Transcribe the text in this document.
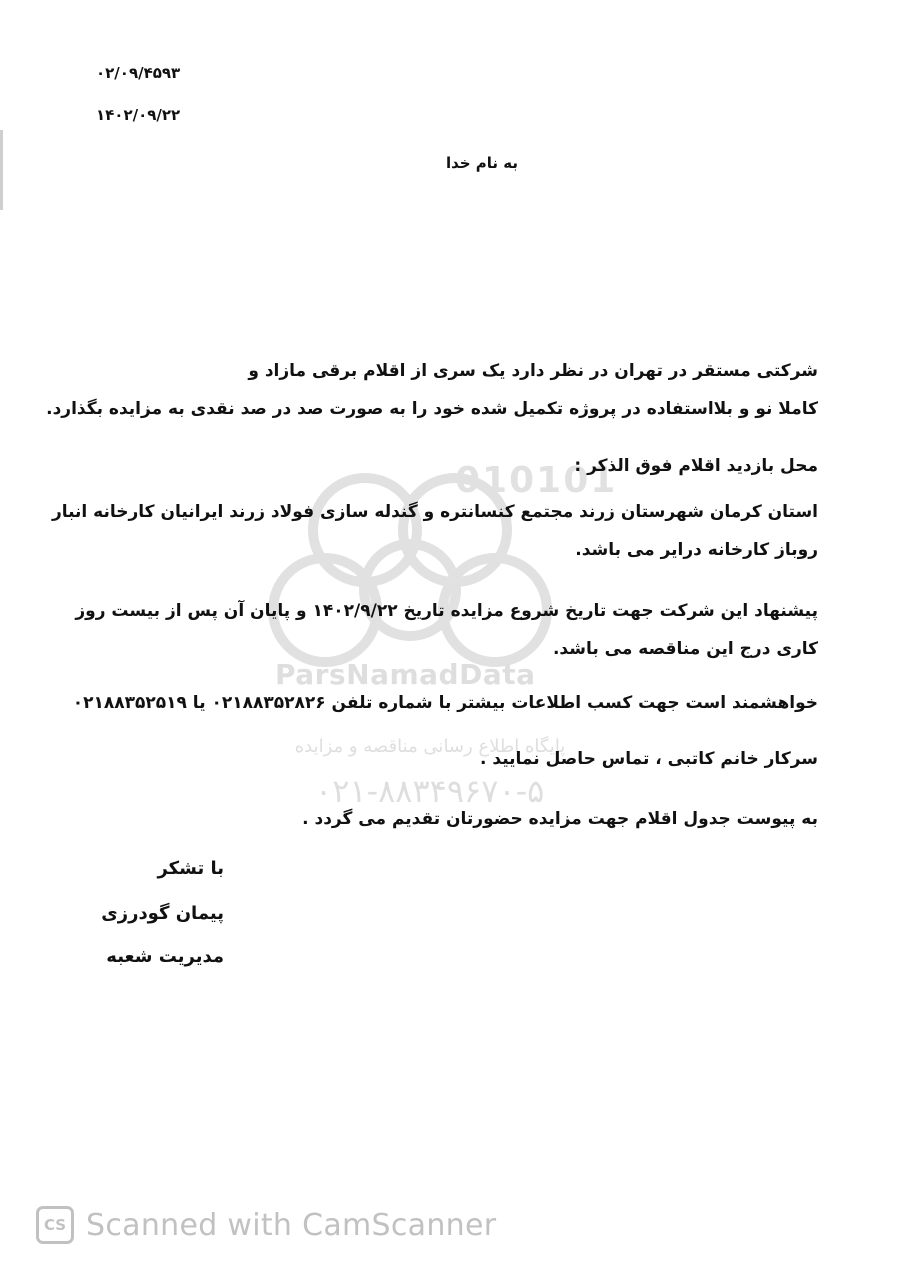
۰۲/۰۹/۴۵۹۳
۱۴۰۲/۰۹/۲۲
به نام خدا
010101
ParsNamadData
پایگاه اطلاع رسانی مناقصه و مزایده
۰۲۱-۸۸۳۴۹۶۷۰-۵
شرکتی مستقر در تهران در نظر دارد یک سری از اقلام برقی مازاد و
کاملا نو و بلااستفاده در پروژه تکمیل شده خود را به صورت صد در صد نقدی به مزایده بگذارد.
محل بازدید اقلام فوق الذکر :
استان کرمان شهرستان زرند مجتمع کنسانتره و گندله سازی فولاد زرند ایرانیان کارخانه انبار
روباز کارخانه درایر می باشد.
پیشنهاد این شرکت جهت تاریخ شروع مزایده تاریخ ۱۴۰۲/۹/۲۲ و پایان آن پس از بیست روز
کاری درج این مناقصه می باشد.
خواهشمند است جهت کسب اطلاعات بیشتر با شماره تلفن ۰۲۱۸۸۳۵۲۸۲۶ یا ۰۲۱۸۸۳۵۲۵۱۹
سرکار خانم کاتبی ، تماس حاصل نمایید .
به پیوست جدول اقلام جهت مزایده حضورتان تقدیم می گردد .
با تشکر
پیمان گودرزی
مدیریت شعبه
CS Scanned with CamScanner
